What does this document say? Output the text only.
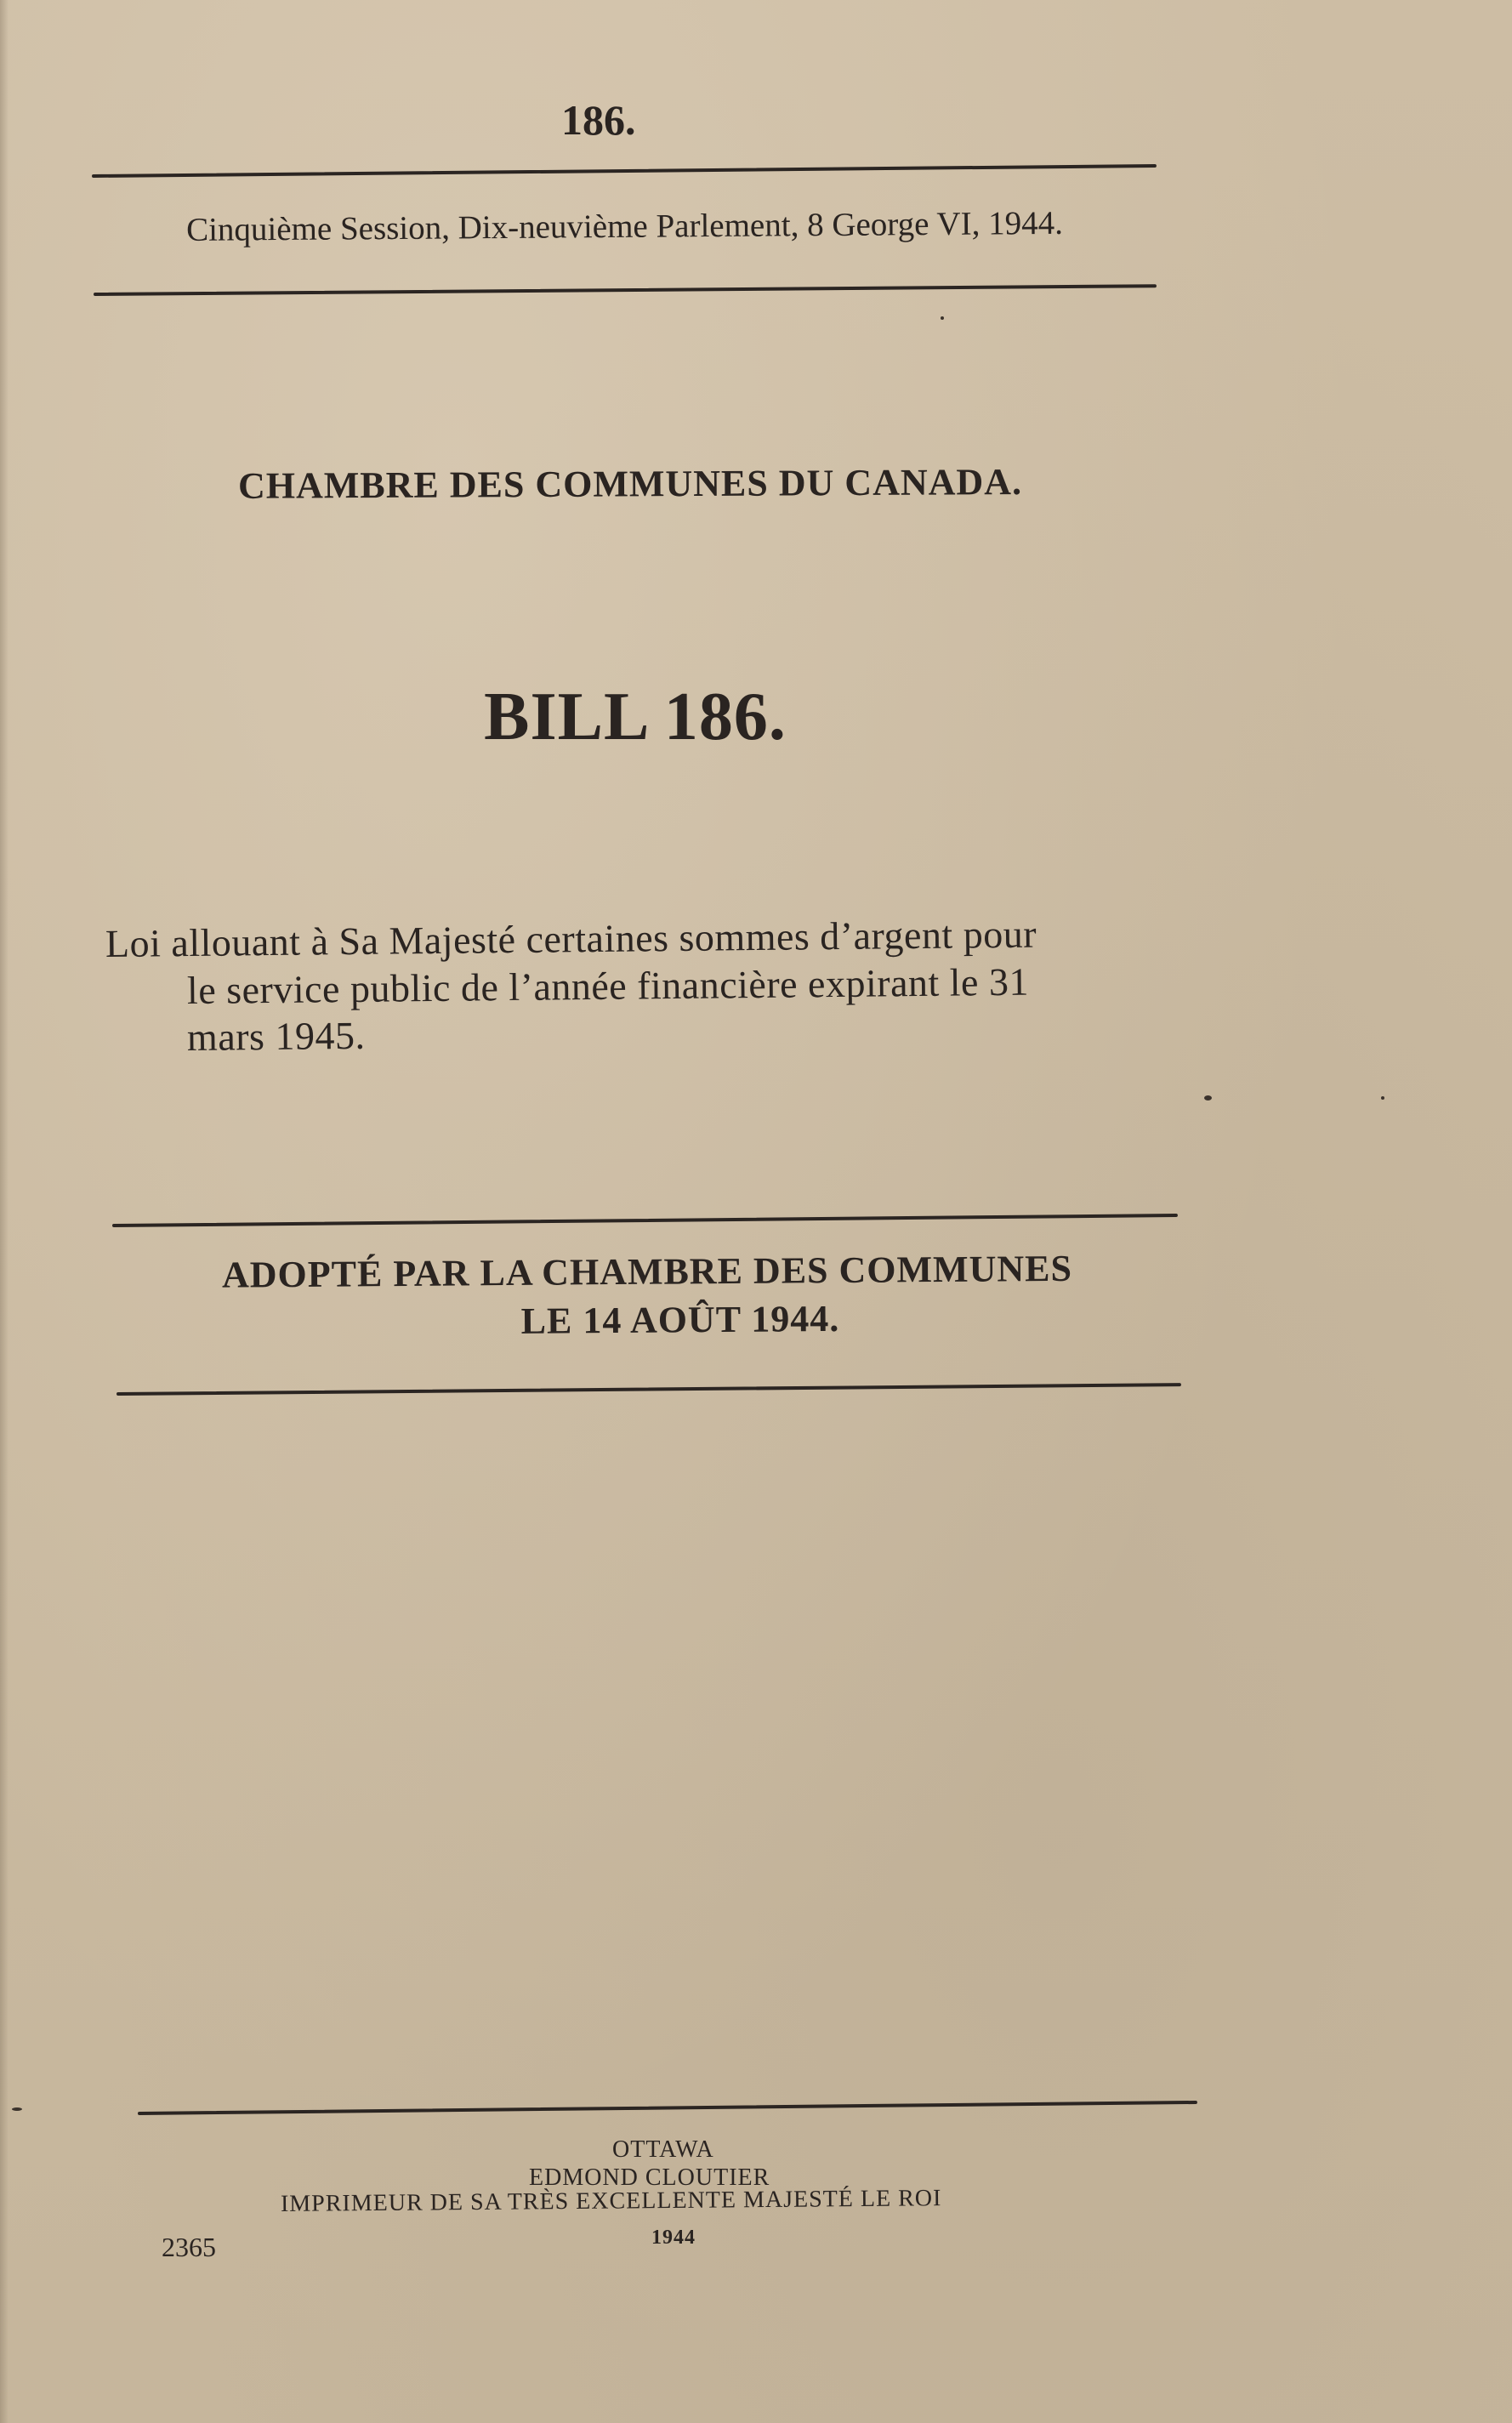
186.
Cinquième Session, Dix-neuvième Parlement, 8 George VI, 1944.
CHAMBRE DES COMMUNES DU CANADA.
BILL 186.
Loi allouant à Sa Majesté certaines sommes d’argent pour
le service public de l’année financière expirant le 31
mars 1945.
ADOPTÉ PAR LA CHAMBRE DES COMMUNES
LE 14 AOÛT 1944.
OTTAWA
EDMOND CLOUTIER
IMPRIMEUR DE SA TRÈS EXCELLENTE MAJESTÉ LE ROI
1944
2365
